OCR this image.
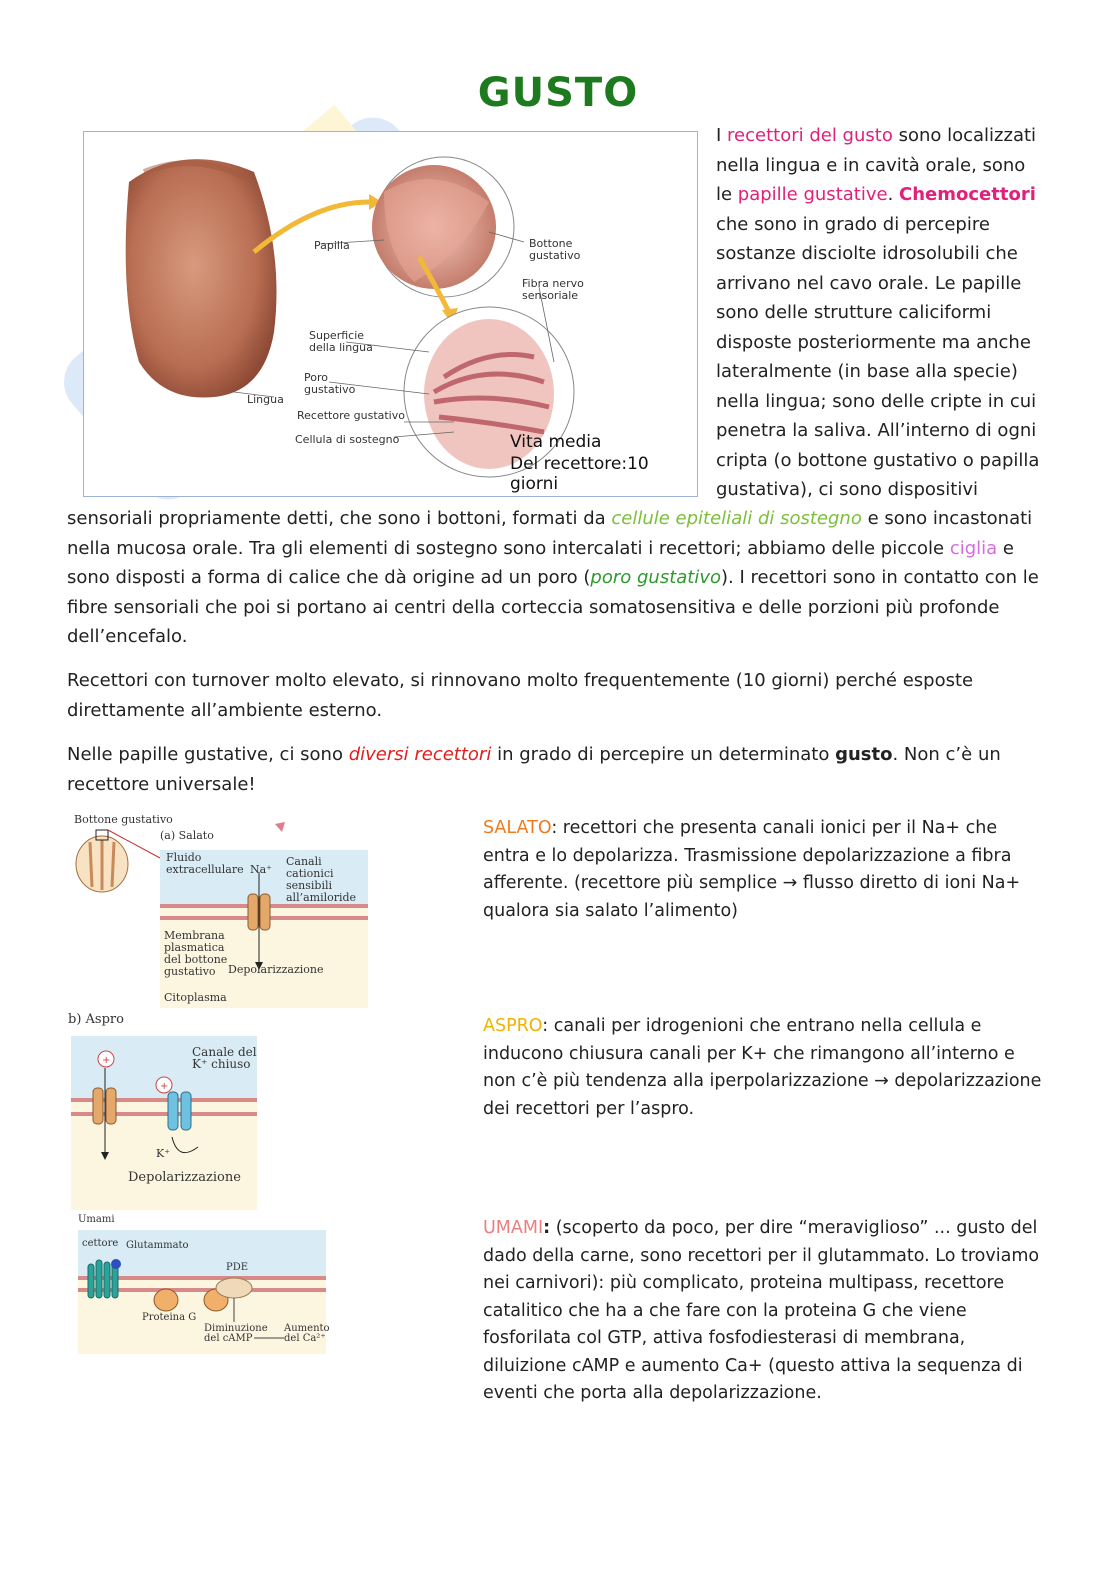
GUSTO
Papilla	Bottone gustativo
Fibra nervo sensoriale
Superficie della lingua
Poro gustativo
Lingua
Recettore gustativo
Cellula di sostegno	Vita media
Del recettore:10 giorni
I recettori del gusto sono localizzati nella lingua e in cavità orale, sono le papille gustative. Chemocettori che sono in grado di percepire sostanze disciolte idrosolubili che arrivano nel cavo orale. Le papille sono delle strutture caliciformi disposte posteriormente ma anche lateralmente (in base alla specie) nella lingua; sono delle cripte in cui penetra la saliva. All’interno di ogni cripta (o bottone gustativo o papilla gustativa), ci sono dispositivi
sensoriali propriamente detti, che sono i bottoni, formati da cellule epiteliali di sostegno e sono incastonati nella mucosa orale. Tra gli elementi di sostegno sono intercalati i recettori; abbiamo delle piccole ciglia e sono disposti a forma di calice che dà origine ad un poro (poro gustativo). I recettori sono in contatto con le fibre sensoriali che poi si portano ai centri della corteccia somatosensitiva e delle porzioni più profonde dell’encefalo.
Recettori con turnover molto elevato, si rinnovano molto frequentemente (10 giorni) perché esposte direttamente all’ambiente esterno.
Nelle papille gustative, ci sono diversi recettori in grado di percepire un determinato gusto. Non c’è un recettore universale!
Bottone gustativo
(a) Salato
Fluido extracellulare Na⁺
Canali cationici sensibili all’amiloride
Membrana plasmatica del bottone gustativo	Depolarizzazione
Citoplasma
SALATO: recettori che presenta canali ionici per il Na+ che entra e lo depolarizza. Trasmissione depolarizzazione a fibra afferente. (recettore più semplice → flusso diretto di ioni Na+ qualora sia salato l’alimento)
+
+
b) Aspro
Canale del K⁺ chiuso
K⁺
Depolarizzazione
ASPRO: canali per idrogenioni che entrano nella cellula e inducono chiusura canali per K+ che rimangono all’interno e non c’è più tendenza alla iperpolarizzazione → depolarizzazione dei recettori per l’aspro.
Umami
cettore Glutammato
PDE
Proteina G
Diminuzione del cAMP
Aumento del Ca²⁺
UMAMI: (scoperto da poco, per dire “meraviglioso” ... gusto del dado della carne, sono recettori per il glutammato. Lo troviamo nei carnivori): più complicato, proteina multipass, recettore catalitico che ha a che fare con la proteina G che viene fosforilata col GTP, attiva fosfodiesterasi di membrana, diluizione cAMP e aumento Ca+ (questo attiva la sequenza di eventi che porta alla depolarizzazione.
